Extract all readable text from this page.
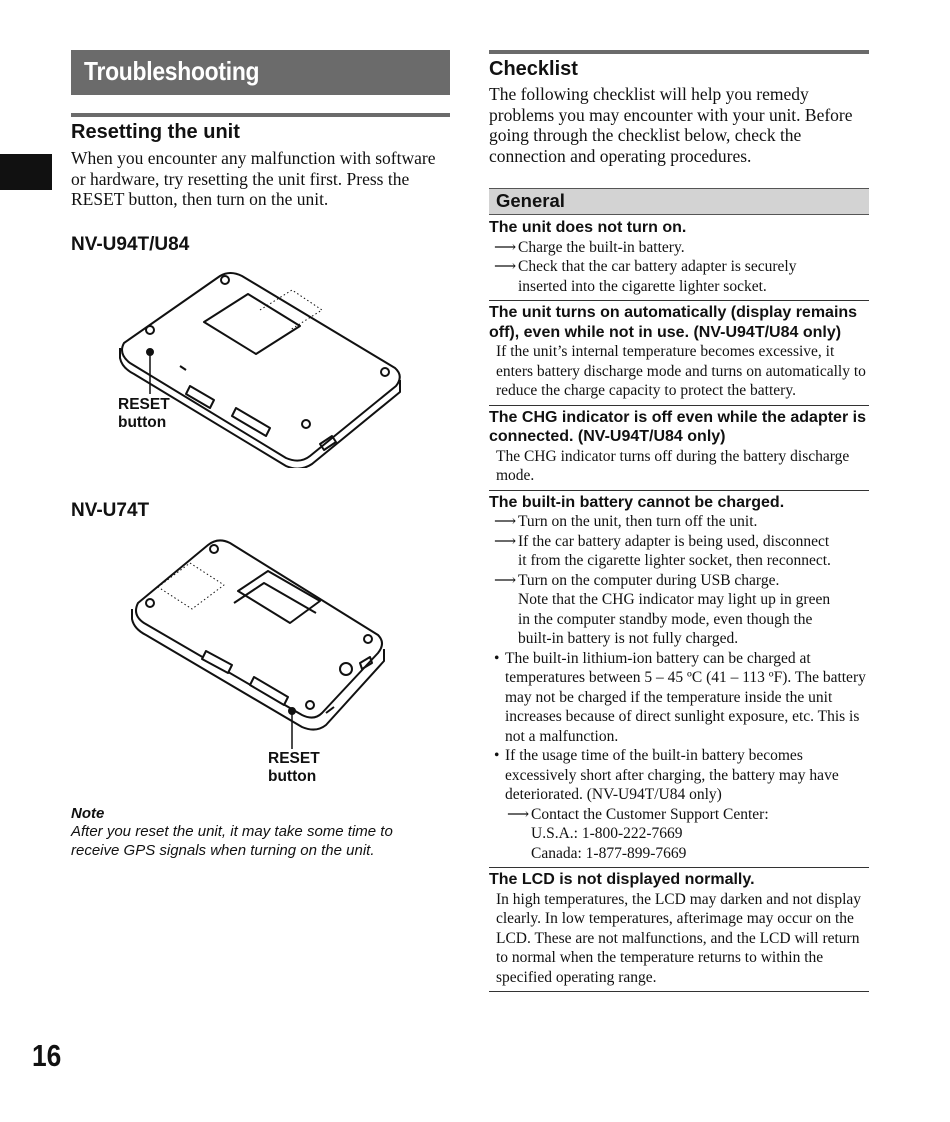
Troubleshooting
Resetting the unit

When you encounter any malfunction with software or hardware, try resetting the unit first. Press the RESET button, then turn on the unit.

NV-U94T/U84
RESET
button
NV-U74T
RESET
button
Note
After you reset the unit, it may take some time to receive GPS signals when turning on the unit.
16
Checklist

The following checklist will help you remedy problems you may encounter with your unit. Before going through the checklist below, check the connection and operating procedures.

General

The unit does not turn on.

⟶ Charge the built-in battery.

⟶ Check that the car battery adapter is securely

inserted into the cigarette lighter socket.

The unit turns on automatically (display remains off), even while not in use. (NV-U94T/U84 only)

If the unit’s internal temperature becomes excessive, it enters battery discharge mode and turns on automatically to reduce the charge capacity to protect the battery.

The CHG indicator is off even while the adapter is connected. (NV-U94T/U84 only)

The CHG indicator turns off during the battery discharge mode.

The built-in battery cannot be charged.

⟶ Turn on the unit, then turn off the unit.

⟶ If the car battery adapter is being used, disconnect

it from the cigarette lighter socket, then reconnect.

⟶ Turn on the computer during USB charge.

Note that the CHG indicator may light up in green

in the computer standby mode, even though the

built-in battery is not fully charged.

• The built-in lithium-ion battery can be charged at temperatures between 5 – 45 ºC (41 – 113 ºF). The battery may not be charged if the temperature inside the unit increases because of direct sunlight exposure, etc. This is not a malfunction.

• If the usage time of the built-in battery becomes excessively short after charging, the battery may have deteriorated. (NV-U94T/U84 only)

⟶ Contact the Customer Support Center:

U.S.A.: 1-800-222-7669

Canada: 1-877-899-7669

The LCD is not displayed normally.

In high temperatures, the LCD may darken and not display clearly. In low temperatures, afterimage may occur on the LCD. These are not malfunctions, and the LCD will return to normal when the temperature returns to within the specified operating range.
